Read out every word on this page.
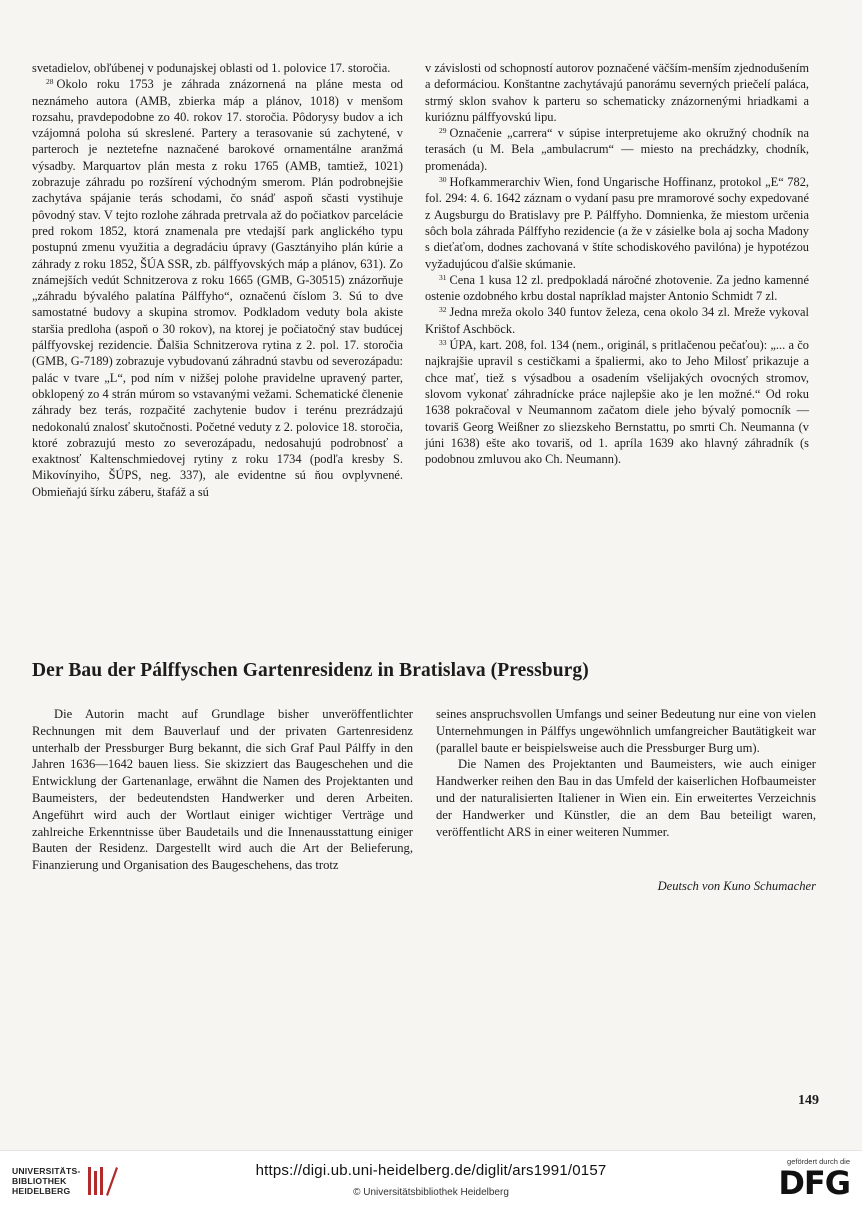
svetadielov, obľúbenej v podunajskej oblasti od 1. polovice 17. storočia.

$^{28}$ Okolo roku 1753 je záhrada znázornená na pláne mesta od neznámeho autora (AMB, zbierka máp a plánov, 1018) v menšom rozsahu, pravdepodobne zo 40. rokov 17. storočia. Pôdorysy budov a ich vzájomná poloha sú skreslené. Partery a terasovanie sú zachytené, v parteroch je neztetefne naznačené barokové ornamentálne aranžmá výsadby. Marquartov plán mesta z roku 1765 (AMB, tamtiež, 1021) zobrazuje záhradu po rozšírení východným smerom. Plán podrobnejšie zachytáva spájanie terás schodami, čo snáď aspoň sčasti vystihuje pôvodný stav. V tejto rozlohe záhrada pretrvala až do počiatkov parcelácie pred rokom 1852, ktorá znamenala pre vtedajší park anglického typu postupnú zmenu využitia a degradáciu úpravy (Gasztányiho plán kúrie a záhrady z roku 1852, ŠÚA SSR, zb. pálffyovských máp a plánov, 631). Zo známejších vedút Schnitzerova z roku 1665 (GMB, G-30515) znázorňuje „záhradu bývalého palatína Pálffyho“, označenú číslom 3. Sú to dve samostatné budovy a skupina stromov. Podkladom veduty bola akiste staršia predloha (aspoň o 30 rokov), na ktorej je počiatočný stav budúcej pálffyovskej rezidencie. Ďalšia Schnitzerova rytina z 2. pol. 17. storočia (GMB, G-7189) zobrazuje vybudovanú záhradnú stavbu od severozápadu: palác v tvare „L“, pod ním v nižšej polohe pravidelne upravený parter, obklopený zo 4 strán múrom so vstavanými vežami. Schematické členenie záhrady bez terás, rozpačité zachytenie budov i terénu prezrádzajú nedokonalú znalosť skutočnosti. Početné veduty z 2. polovice 18. storočia, ktoré zobrazujú mesto zo severozápadu, nedosahujú podrobnosť a exaktnosť Kaltenschmiedovej rytiny z roku 1734 (podľa kresby S. Mikovínyiho, ŠÚPS, neg. 337), ale evidentne sú ňou ovplyvnené. Obmieňajú šírku záberu, štafáž a sú

v závislosti od schopností autorov poznačené väčším-menším zjednodušením a deformáciou. Konštantne zachytávajú panorámu severných priečelí paláca, strmý sklon svahov k parteru so schematicky znázornenými hriadkami a kurióznu pálffyovskú lipu.

$^{29}$ Označenie „carrera“ v súpise interpretujeme ako okružný chodník na terasách (u M. Bela „ambulacrum“ — miesto na prechádzky, chodník, promenáda).

$^{30}$ Hofkammerarchiv Wien, fond Ungarische Hoffinanz, protokol „E“ 782, fol. 294: 4. 6. 1642 záznam o vydaní pasu pre mramorové sochy expedované z Augsburgu do Bratislavy pre P. Pálffyho. Domnienka, že miestom určenia sôch bola záhrada Pálffyho rezidencie (a že v zásielke bola aj socha Madony s dieťaťom, dodnes zachovaná v štíte schodiskového pavilóna) je hypotézou vyžadujúcou ďalšie skúmanie.

$^{31}$ Cena 1 kusa 12 zl. predpokladá náročné zhotovenie. Za jedno kamenné ostenie ozdobného krbu dostal napríklad majster Antonio Schmidt 7 zl.

$^{32}$ Jedna mreža okolo 340 funtov železa, cena okolo 34 zl. Mreže vykoval Krištof Aschböck.

$^{33}$ ÚPA, kart. 208, fol. 134 (nem., originál, s pritlačenou pečaťou): „... a čo najkrajšie upravil s cestičkami a špaliermi, ako to Jeho Milosť prikazuje a chce mať, tiež s výsadbou a osadením všelijakých ovocných stromov, slovom vykonať záhradnícke práce najlepšie ako je len možné.“ Od roku 1638 pokračoval v Neumannom začatom diele jeho bývalý pomocník — tovariš Georg Weißner zo sliezskeho Bernstattu, po smrti Ch. Neumanna (v júni 1638) ešte ako tovariš, od 1. apríla 1639 ako hlavný záhradník (s podobnou zmluvou ako Ch. Neumann).

Der Bau der Pálffyschen Gartenresidenz in Bratislava (Pressburg)

Die Autorin macht auf Grundlage bisher unveröffentlichter Rechnungen mit dem Bauverlauf und der privaten Gartenresidenz unterhalb der Pressburger Burg bekannt, die sich Graf Paul Pálffy in den Jahren 1636—1642 bauen liess. Sie skizziert das Baugeschehen und die Entwicklung der Gartenanlage, erwähnt die Namen des Projektanten und Baumeisters, der bedeutendsten Handwerker und deren Arbeiten. Angeführt wird auch der Wortlaut einiger wichtiger Verträge und zahlreiche Erkenntnisse über Baudetails und die Innenausstattung einiger Bauten der Residenz. Dargestellt wird auch die Art der Belieferung, Finanzierung und Organisation des Baugeschehens, das trotz

seines anspruchsvollen Umfangs und seiner Bedeutung nur eine von vielen Unternehmungen in Pálffys ungewöhnlich umfangreicher Bautätigkeit war (parallel baute er beispielsweise auch die Pressburger Burg um).

Die Namen des Projektanten und Baumeisters, wie auch einiger Handwerker reihen den Bau in das Umfeld der kaiserlichen Hofbaumeister und der naturalisierten Italiener in Wien ein. Ein erweitertes Verzeichnis der Handwerker und Künstler, die an dem Bau beteiligt waren, veröffentlicht ARS in einer weiteren Nummer.

Deutsch von Kuno Schumacher
149
UNIVERSITÄTS-
BIBLIOTHEK
HEIDELBERG
https://digi.ub.uni-heidelberg.de/diglit/ars1991/0157
© Universitätsbibliothek Heidelberg
gefördert durch die
DFG
